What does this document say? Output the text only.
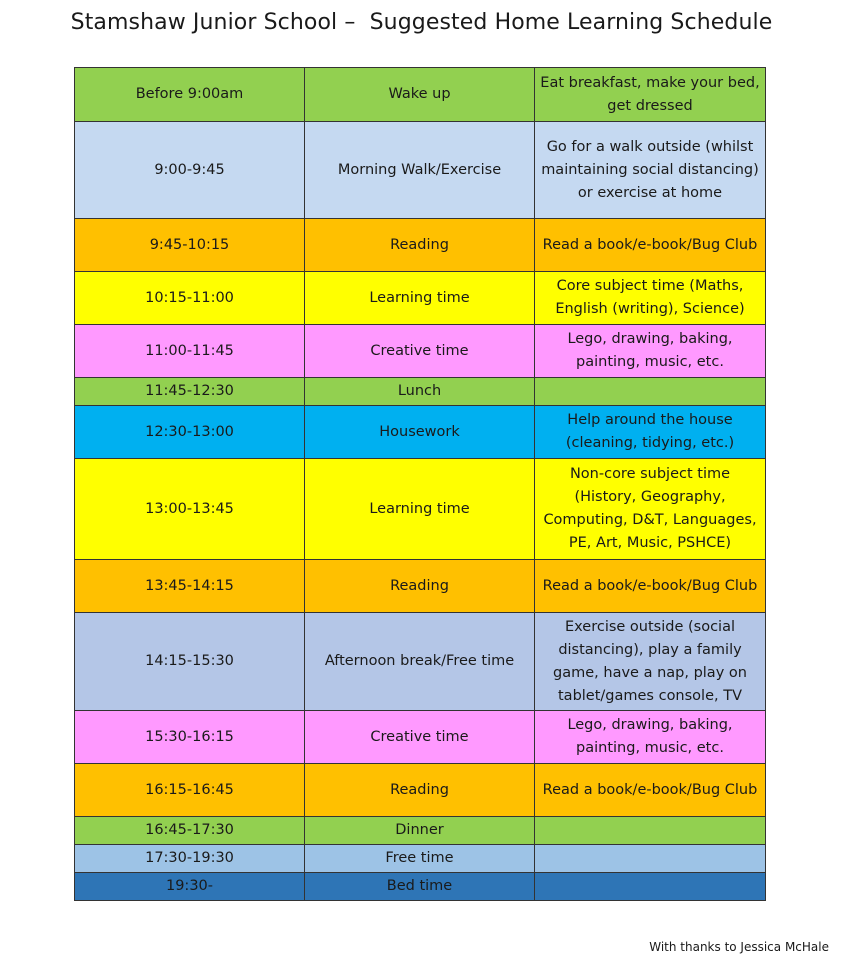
Stamshaw Junior School –  Suggested Home Learning Schedule
Before 9:00am	Wake up	Eat breakfast, make your bed, get dressed
9:00-9:45	Morning Walk/Exercise	Go for a walk outside (whilst maintaining social distancing) or exercise at home
9:45-10:15	Reading	Read a book/e-book/Bug Club
10:15-11:00	Learning time	Core subject time (Maths, English (writing), Science)
11:00-11:45	Creative time	Lego, drawing, baking, painting, music, etc.
11:45-12:30	Lunch	
12:30-13:00	Housework	Help around the house (cleaning, tidying, etc.)
13:00-13:45	Learning time	Non-core subject time (History, Geography, Computing, D&T, Languages, PE, Art, Music, PSHCE)
13:45-14:15	Reading	Read a book/e-book/Bug Club
14:15-15:30	Afternoon break/Free time	Exercise outside (social distancing), play a family game, have a nap, play on tablet/games console, TV
15:30-16:15	Creative time	Lego, drawing, baking, painting, music, etc.
16:15-16:45	Reading	Read a book/e-book/Bug Club
16:45-17:30	Dinner	
17:30-19:30	Free time	
19:30-	Bed time	
With thanks to Jessica McHale
